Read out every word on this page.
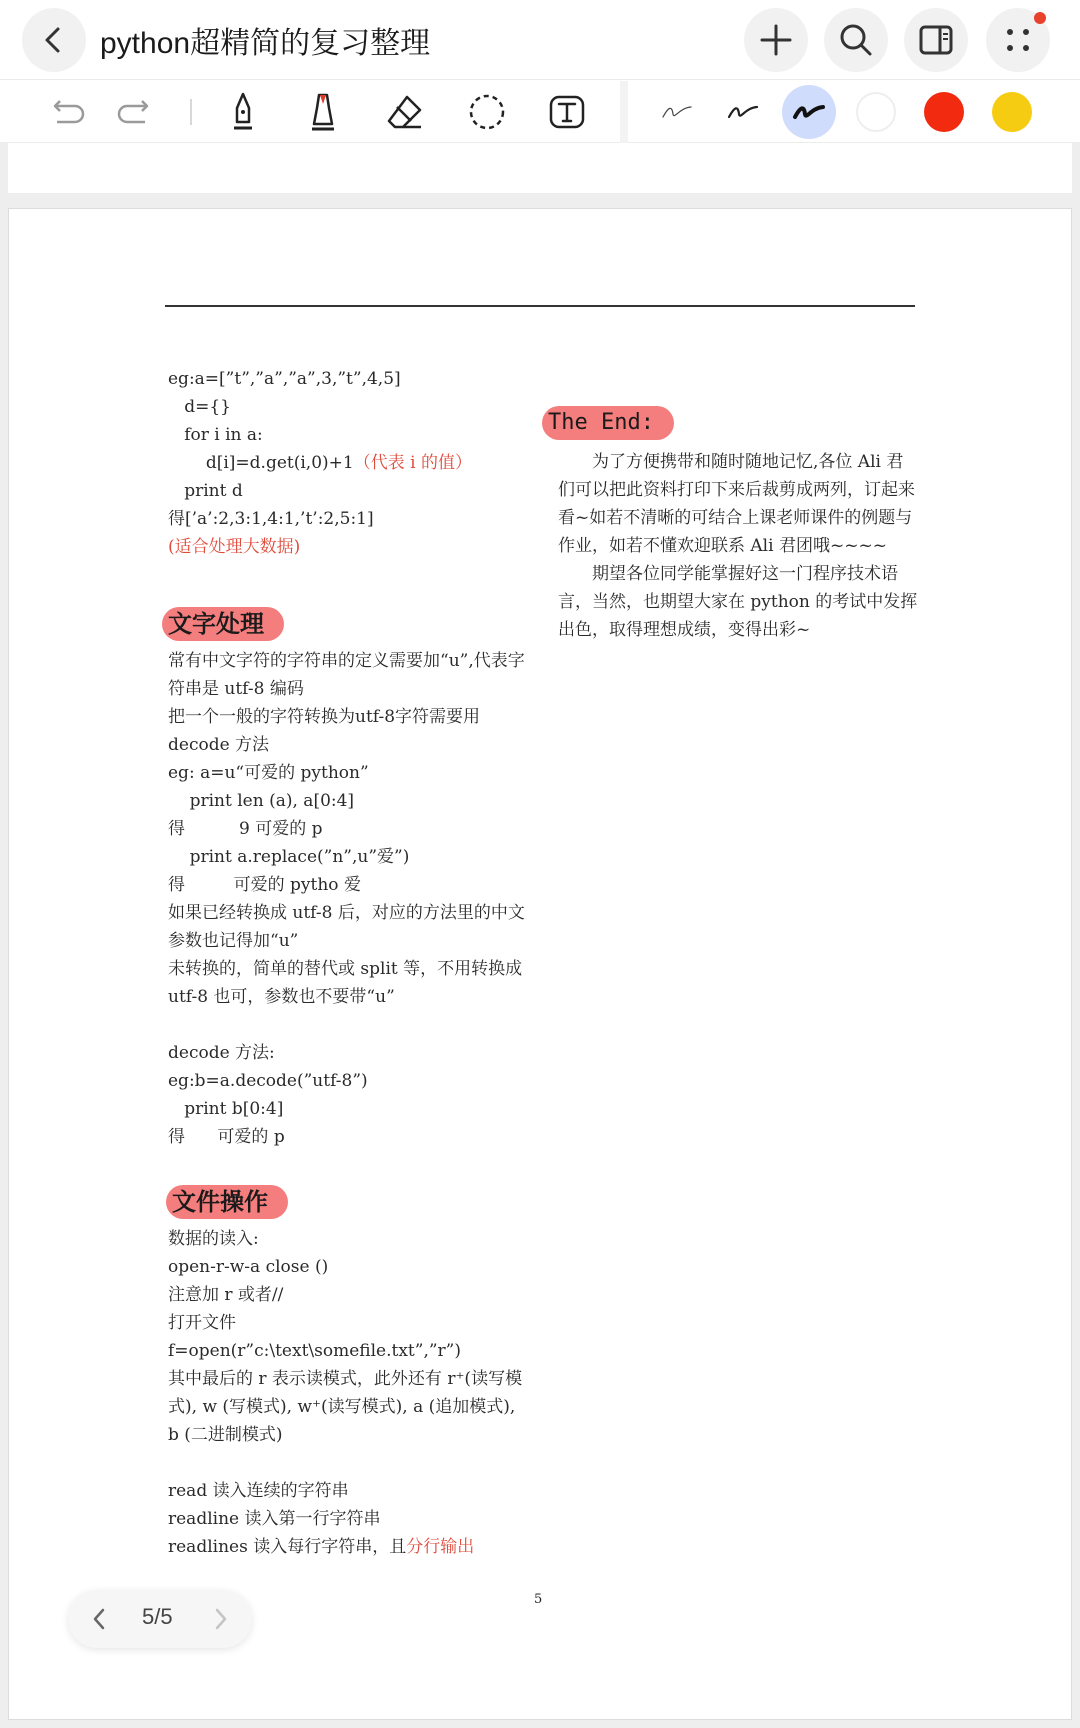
python超精简的复习整理
eg:a=[”t”,”a”,”a”,3,”t”,4,5]
d={}
for i in a:
d[i]=d.get(i,0)+1（代表 i 的值）
print d
得[’a’:2,3:1,4:1,’t’:2,5:1]
(适合处理大数据)
文字处理
常有中文字符的字符串的定义需要加“u”,代表字符串是 utf-8 编码
把一个一般的字符转换为utf-8字符需要用decode 方法
eg: a=u“可爱的 python”
print len (a), a[0:4]
得          9 可爱的 p
print a.replace(”n”,u”爱”)
得         可爱的 pytho 爱
如果已经转换成 utf-8 后，对应的方法里的中文参数也记得加“u”
未转换的，简单的替代或 split 等，不用转换成 utf-8 也可，参数也不要带“u”
decode 方法:
eg:b=a.decode(”utf-8”)
print b[0:4]
得      可爱的 p
文件操作
数据的读入:
open-r-w-a close ()
注意加 r 或者//
打开文件
f=open(r”c:\text\somefile.txt”,”r”)
其中最后的 r 表示读模式，此外还有 r⁺(读写模式), w (写模式), w⁺(读写模式), a (追加模式), b (二进制模式)
read 读入连续的字符串
readline 读入第一行字符串
readlines 读入每行字符串，且分行输出
The End:
为了方便携带和随时随地记忆,各位 Ali 君们可以把此资料打印下来后裁剪成两列，订起来看~如若不清晰的可结合上课老师课件的例题与作业，如若不懂欢迎联系 Ali 君团哦~~~~
期望各位同学能掌握好这一门程序技术语言，当然，也期望大家在 python 的考试中发挥出色，取得理想成绩，变得出彩~
5
5/5
